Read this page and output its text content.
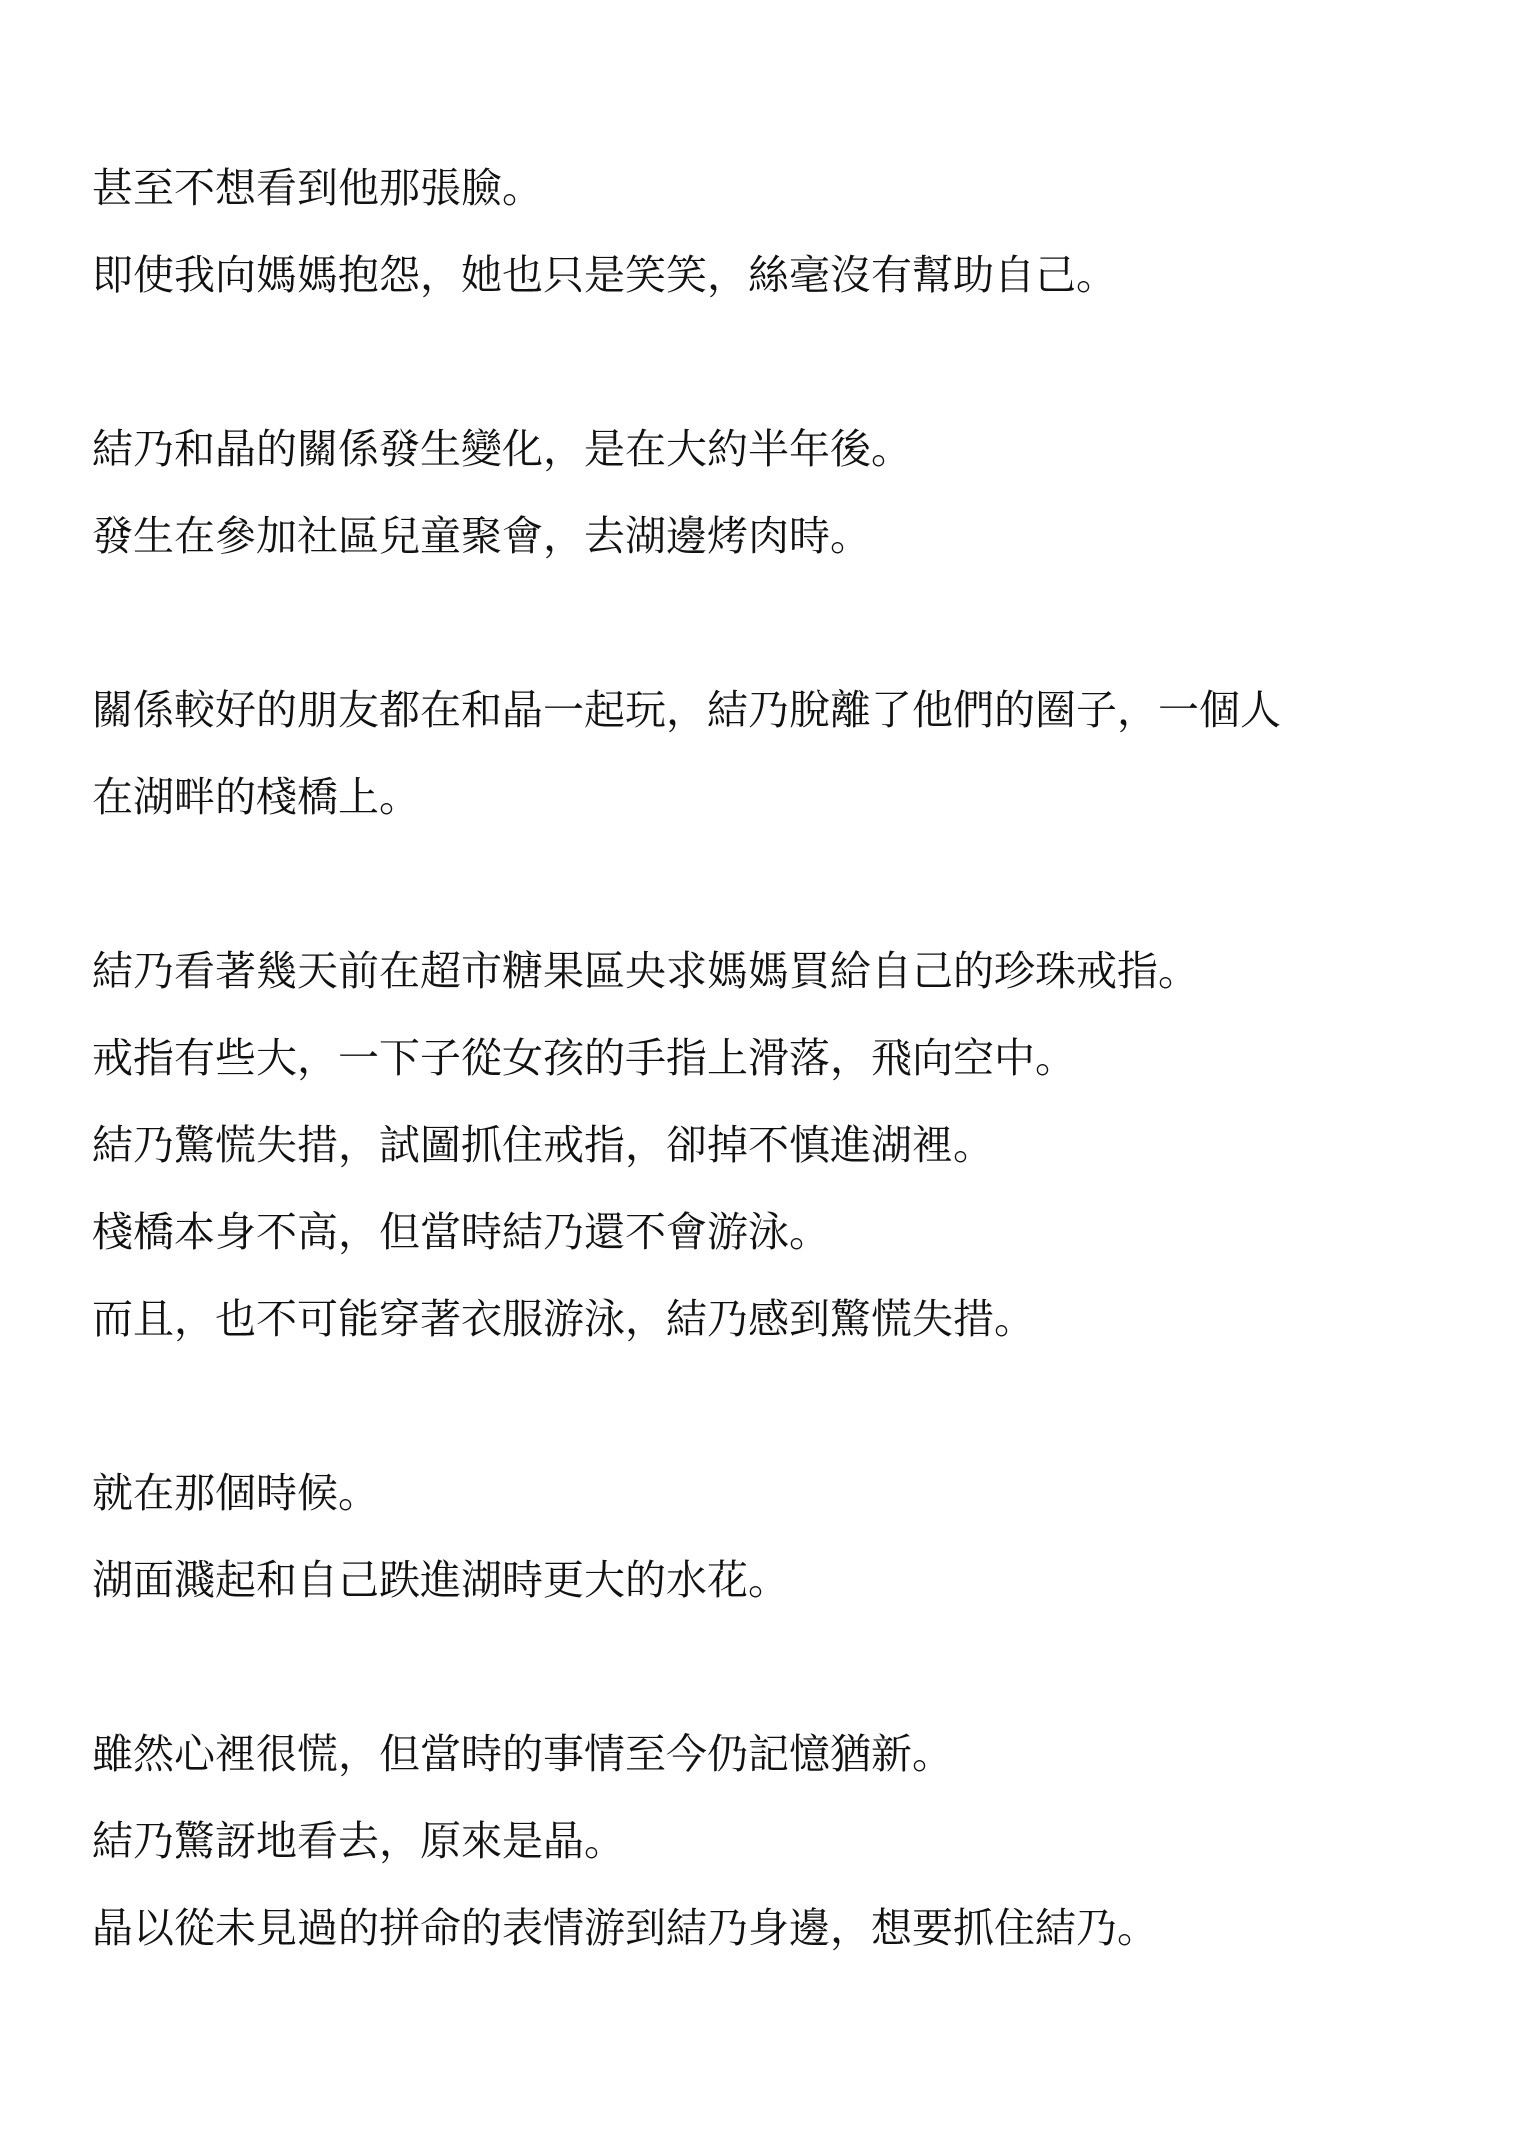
甚至不想看到他那張臉。
即使我向媽媽抱怨，她也只是笑笑，絲毫沒有幫助自己。
結乃和晶的關係發生變化，是在大約半年後。
發生在參加社區兒童聚會，去湖邊烤肉時。
關係較好的朋友都在和晶一起玩，結乃脫離了他們的圈子，一個人
在湖畔的棧橋上。
結乃看著幾天前在超市糖果區央求媽媽買給自己的珍珠戒指。
戒指有些大，一下子從女孩的手指上滑落，飛向空中。
結乃驚慌失措，試圖抓住戒指，卻掉不慎進湖裡。
棧橋本身不高，但當時結乃還不會游泳。
而且，也不可能穿著衣服游泳，結乃感到驚慌失措。
就在那個時候。
湖面濺起和自己跌進湖時更大的水花。
雖然心裡很慌，但當時的事情至今仍記憶猶新。
結乃驚訝地看去，原來是晶。
晶以從未見過的拼命的表情游到結乃身邊，想要抓住結乃。
